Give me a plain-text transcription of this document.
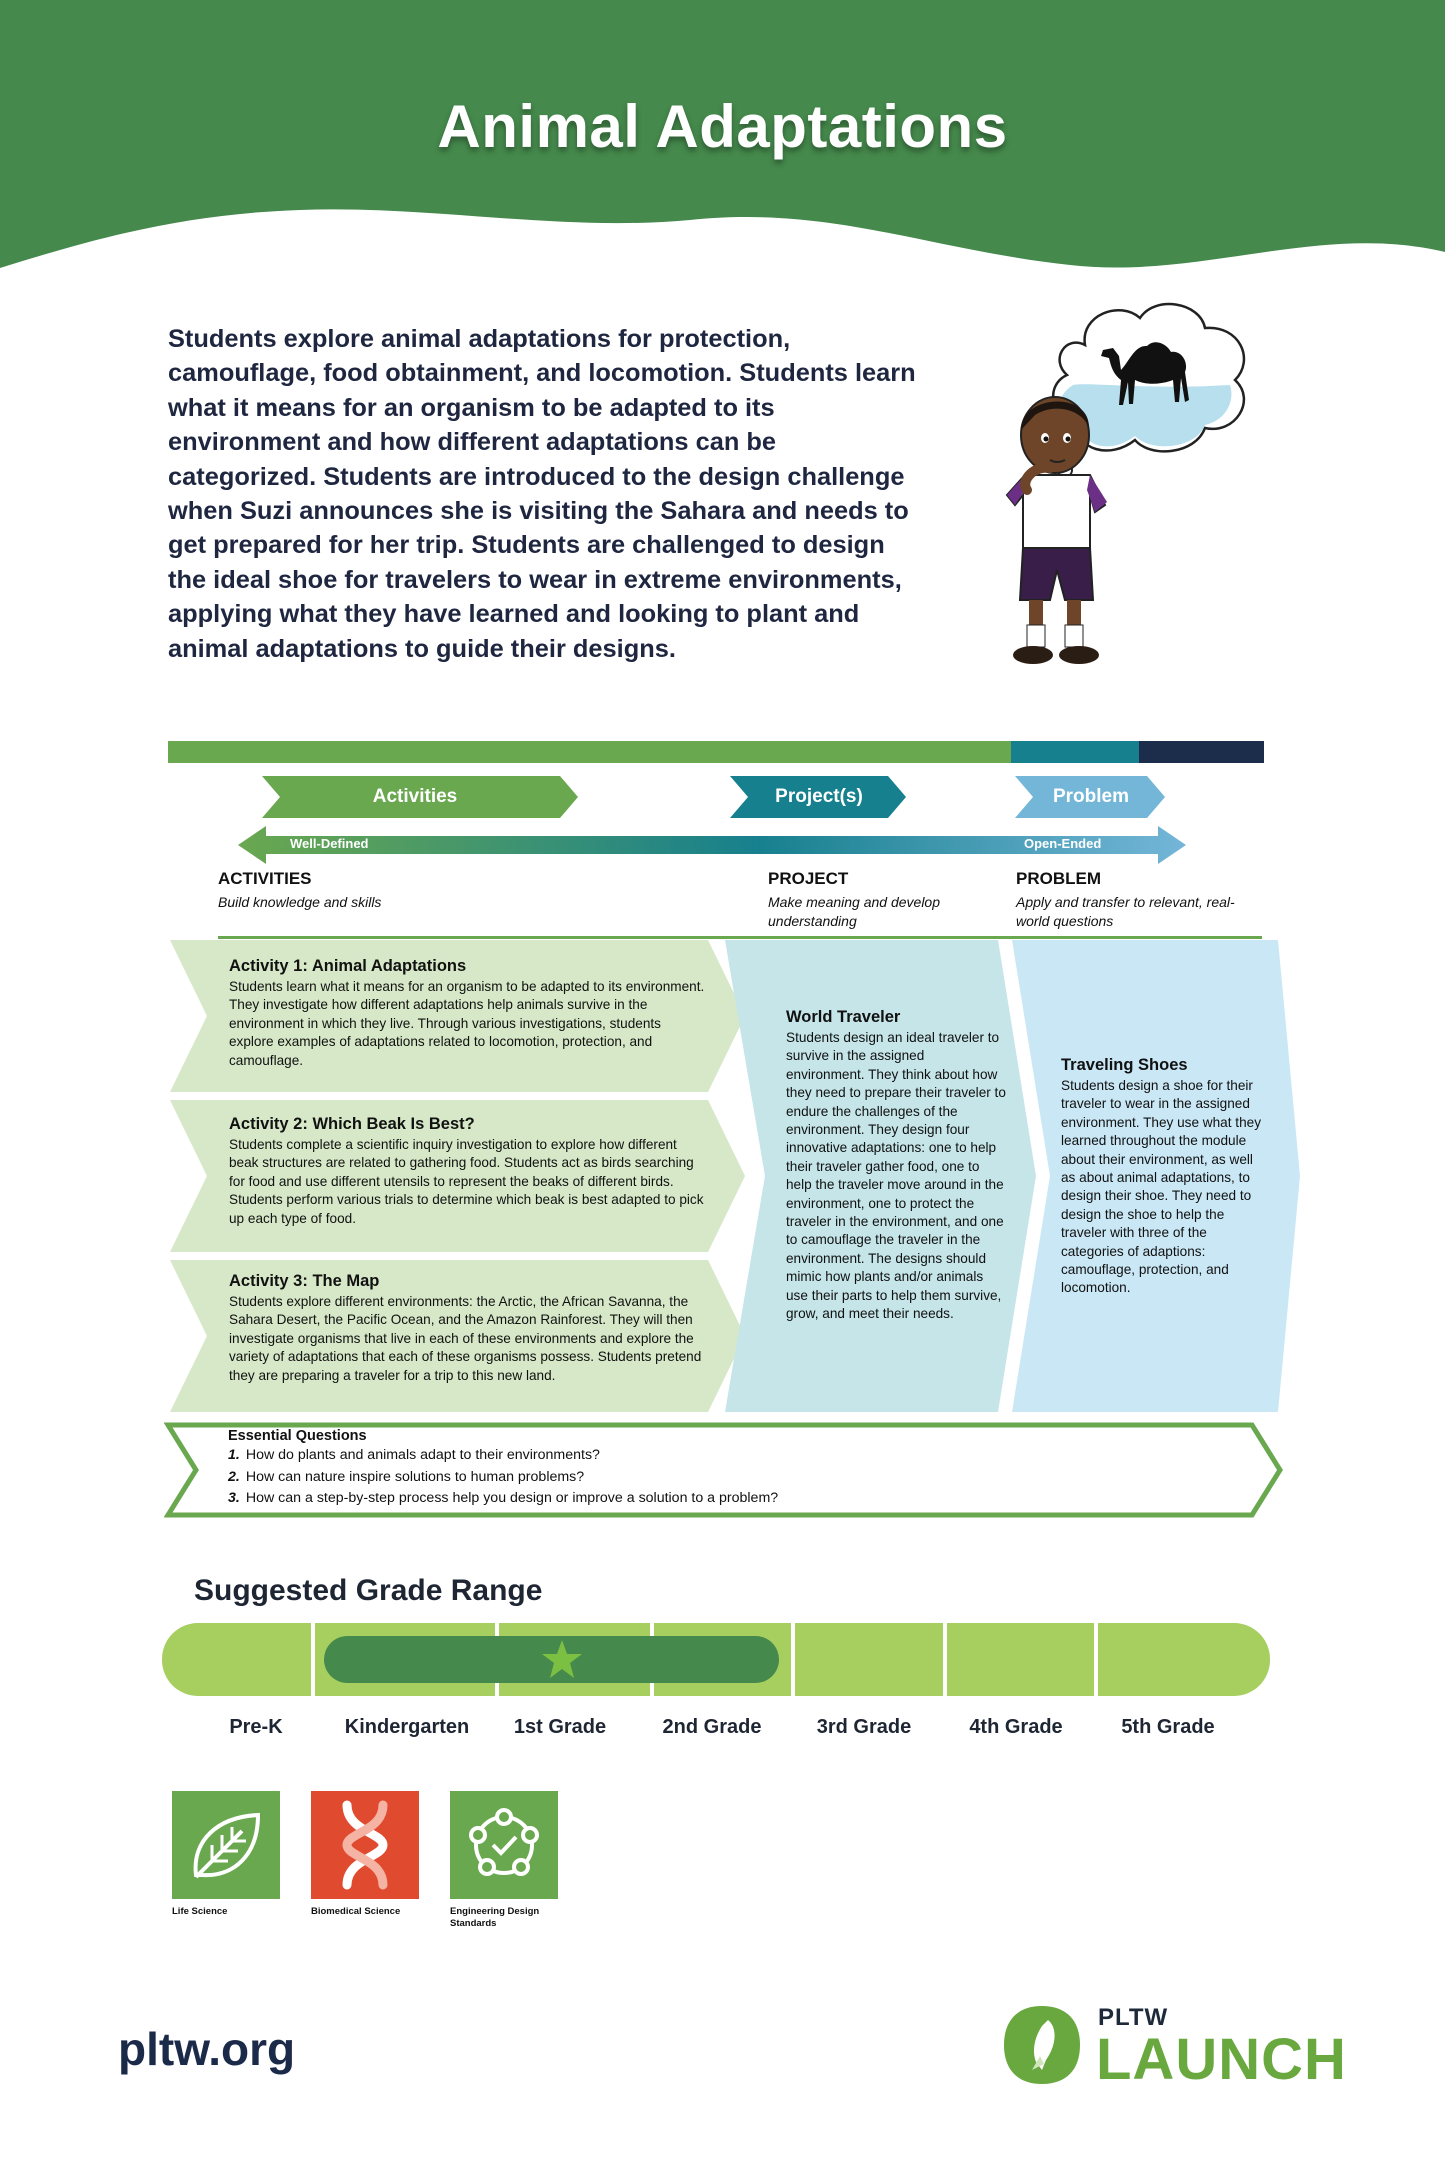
Animal Adaptations
Students explore animal adaptations for protection, camouflage, food obtainment, and locomotion. Students learn what it means for an organism to be adapted to its environment and how different adaptations can be categorized. Students are introduced to the design challenge when Suzi announces she is visiting the Sahara and needs to get prepared for her trip. Students are challenged to design the ideal shoe for travelers to wear in extreme environments, applying what they have learned and looking to plant and animal adaptations to guide their designs.
Activities	Project(s)	Problem
Well-Defined	Open-Ended
ACTIVITIES
Build knowledge and skills
PROJECT
Make meaning and develop understanding
PROBLEM
Apply and transfer to relevant, real-world questions
Activity 1: Animal Adaptations
Students learn what it means for an organism to be adapted to its environment. They investigate how different adaptations help animals survive in the environment in which they live. Through various investigations, students explore examples of adaptations related to locomotion, protection, and camouflage.
Activity 2: Which Beak Is Best?
Students complete a scientific inquiry investigation to explore how different beak structures are related to gathering food. Students act as birds searching for food and use different utensils to represent the beaks of different birds. Students perform various trials to determine which beak is best adapted to pick up each type of food.
Activity 3: The Map
Students explore different environments: the Arctic, the African Savanna, the Sahara Desert, the Pacific Ocean, and the Amazon Rainforest. They will then investigate organisms that live in each of these environments and explore the variety of adaptations that each of these organisms possess. Students pretend they are preparing a traveler for a trip to this new land.
World Traveler
Students design an ideal traveler to survive in the assigned environment. They think about how they need to prepare their traveler to endure the challenges of the environment. They design four innovative adaptations: one to help their traveler gather food, one to help the traveler move around in the environment, one to protect the traveler in the environment, and one to camouflage the traveler in the environment. The designs should mimic how plants and/or animals use their parts to help them survive, grow, and meet their needs.
Traveling Shoes
Students design a shoe for their traveler to wear in the assigned environment. They use what they learned throughout the module about their environment, as well as about animal adaptations, to design their shoe. They need to design the shoe to help the traveler with three of the categories of adaptions: camouflage, protection, and locomotion.
Essential Questions
1. How do plants and animals adapt to their environments?
2. How can nature inspire solutions to human problems?
3. How can a step-by-step process help you design or improve a solution to a problem?
Suggested Grade Range
Pre-K	Kindergarten	1st Grade	2nd Grade	3rd Grade	4th Grade	5th Grade
Life Science	Biomedical Science	Engineering Design Standards
pltw.org
PLTW
LAUNCH
